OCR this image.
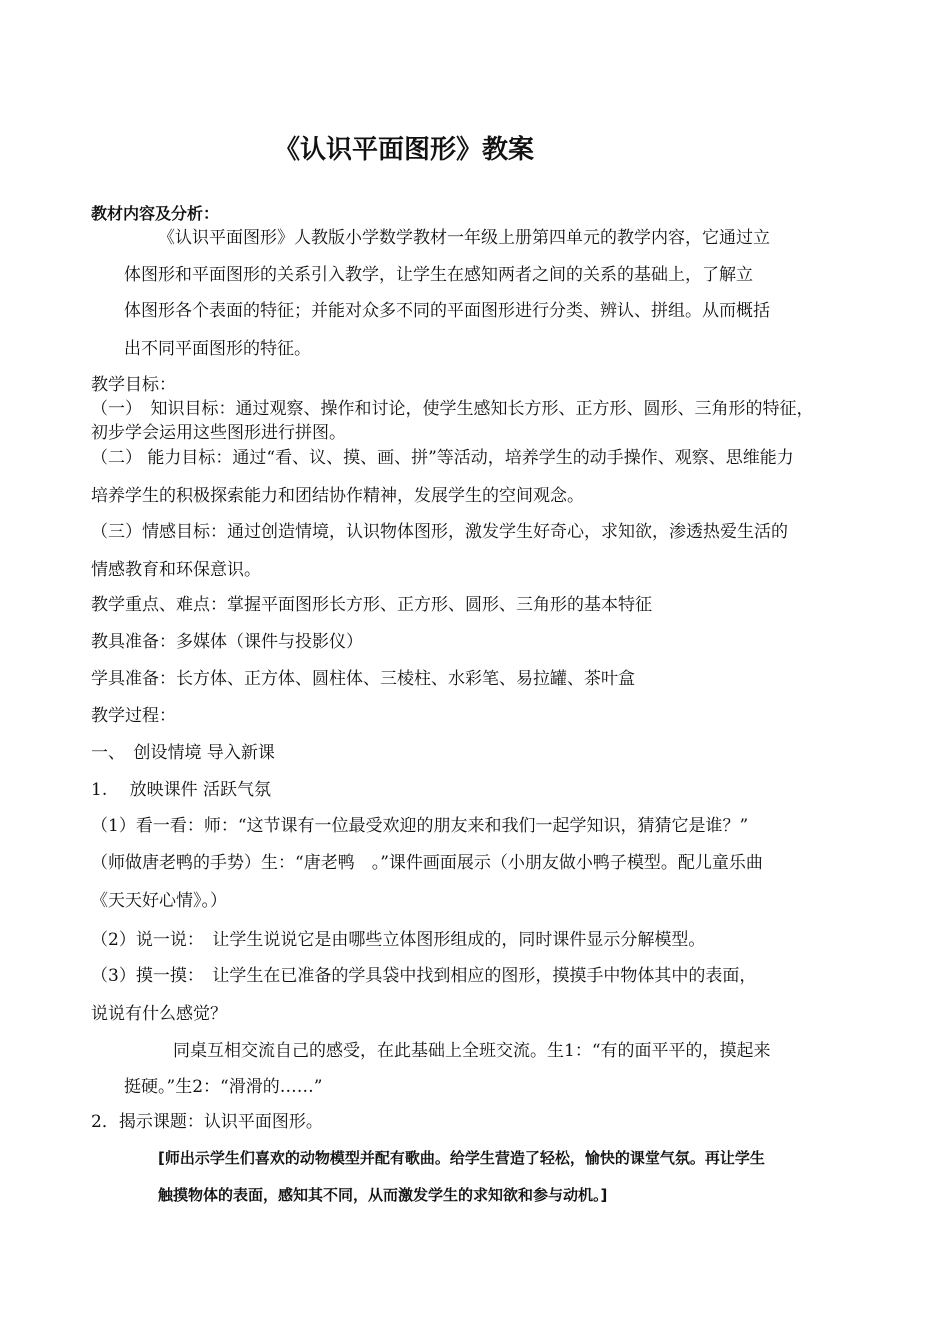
《认识平面图形》教案
教材内容及分析：
《认识平面图形》人教版小学数学教材一年级上册第四单元的教学内容，它通过立
体图形和平面图形的关系引入教学，让学生在感知两者之间的关系的基础上，了解立
体图形各个表面的特征；并能对众多不同的平面图形进行分类、辨认、拼组。从而概括
出不同平面图形的特征。
教学目标：
（一）　知识目标：通过观察、操作和讨论，使学生感知长方形、正方形、圆形、三角形的特征，
初步学会运用这些图形进行拼图。
（二） 能力目标：通过“看、议、摸、画、拼”等活动，培养学生的动手操作、观察、思维能力
培养学生的积极探索能力和团结协作精神，发展学生的空间观念。
（三）情感目标：通过创造情境，认识物体图形，激发学生好奇心，求知欲，渗透热爱生活的
情感教育和环保意识。
教学重点、难点：掌握平面图形长方形、正方形、圆形、三角形的基本特征
教具准备：多媒体（课件与投影仪）
学具准备：长方体、正方体、圆柱体、三棱柱、水彩笔、易拉罐、茶叶盒
教学过程：
一、　创设情境 导入新课
1.　 放映课件 活跃气氛
（1）看一看：师：“这节课有一位最受欢迎的朋友来和我们一起学知识，猜猜它是谁？”
（师做唐老鸭的手势）生：“唐老鸭　。”课件画面展示（小朋友做小鸭子模型。配儿童乐曲
《天天好心情》。）
（2）说一说：　让学生说说它是由哪些立体图形组成的，同时课件显示分解模型。
（3）摸一摸：　让学生在已准备的学具袋中找到相应的图形，摸摸手中物体其中的表面，
说说有什么感觉？
同桌互相交流自己的感受，在此基础上全班交流。生1：“有的面平平的，摸起来
挺硬。”生2：“滑滑的……”
2．揭示课题：认识平面图形。
[师出示学生们喜欢的动物模型并配有歌曲。给学生营造了轻松，愉快的课堂气氛。再让学生
触摸物体的表面，感知其不同，从而激发学生的求知欲和参与动机。]
